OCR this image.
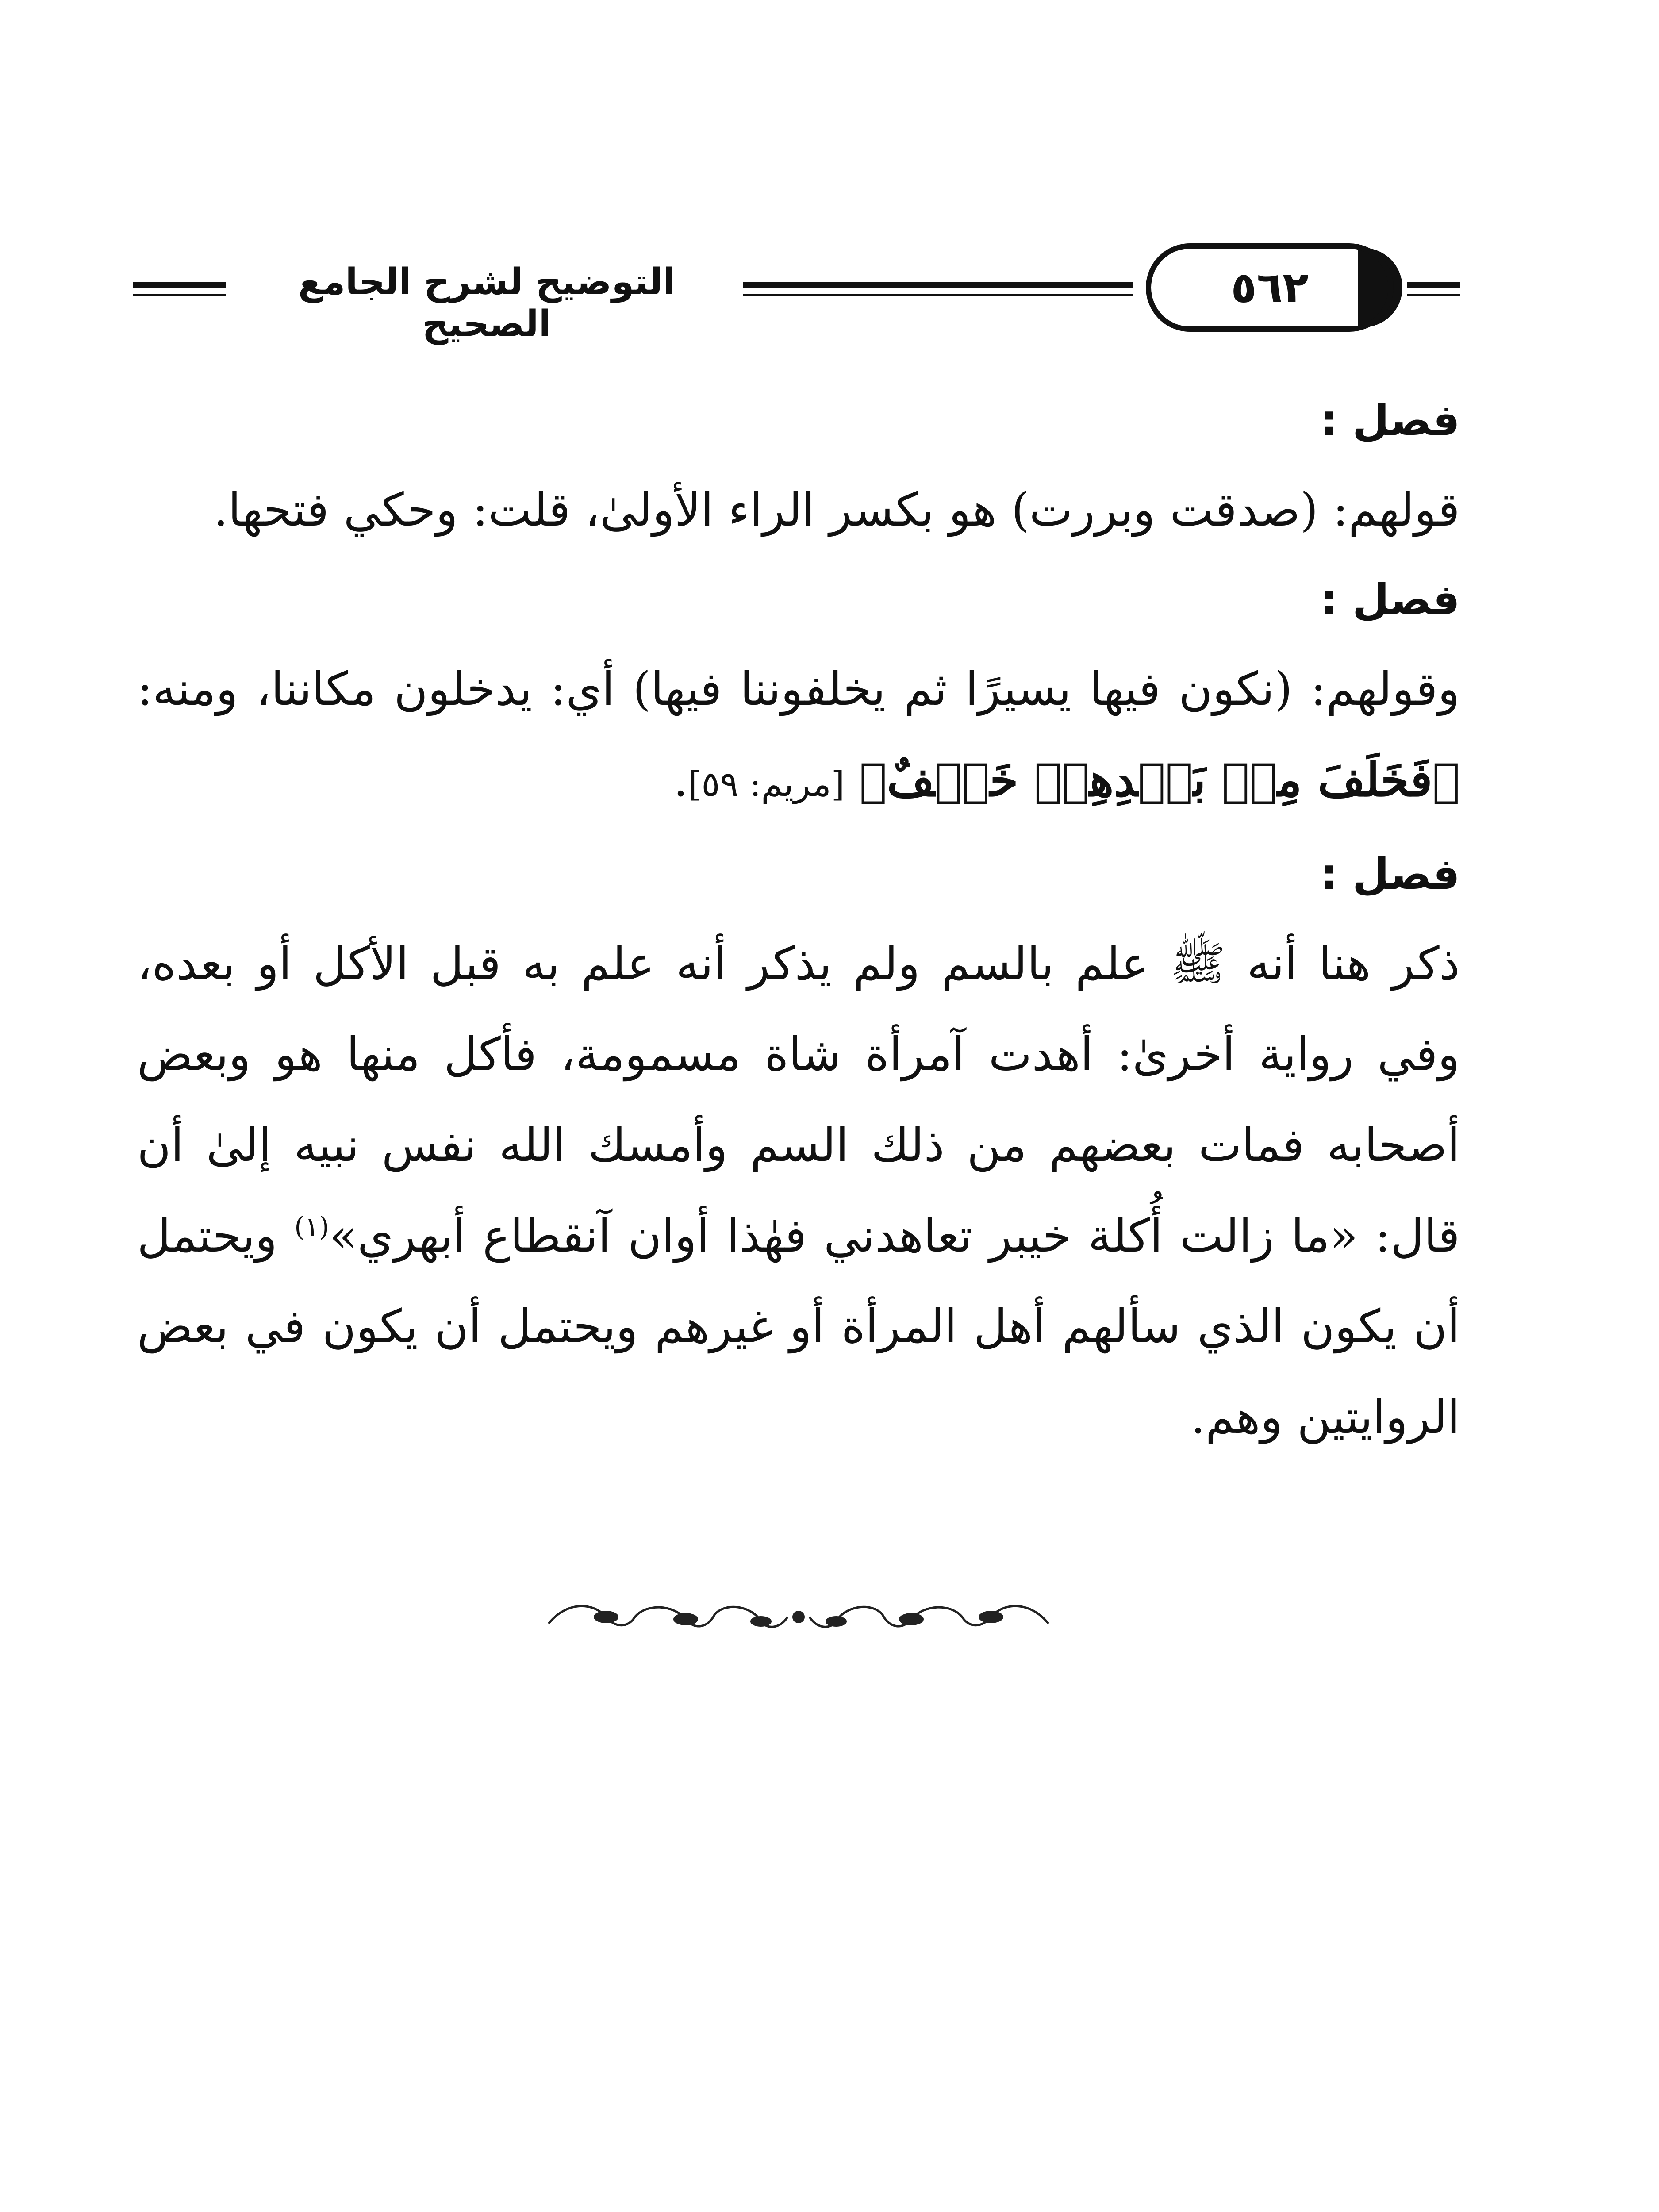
التوضيح لشرح الجامع الصحيح
٥٦٢
فصل :

قولهم: (صدقت وبررت) هو بكسر الراء الأولىٰ، قلت: وحكي فتحها.

فصل :

وقولهم: (نكون فيها يسيرًا ثم يخلفوننا فيها) أي: يدخلون مكاننا، ومنه: ﴿فَخَلَفَ مِنۢ بَعۡدِهِمۡ خَلۡفٌ﴾ [مريم: ٥٩].

فصل :

ذكر هنا أنه ﷺ علم بالسم ولم يذكر أنه علم به قبل الأكل أو بعده، وفي رواية أخرىٰ: أهدت آمرأة شاة مسمومة، فأكل منها هو وبعض أصحابه فمات بعضهم من ذلك السم وأمسك الله نفس نبيه إلىٰ أن قال: «ما زالت أُكلة خيبر تعاهدني فهٰذا أوان آنقطاع أبهري»$^{(١)}$ ويحتمل أن يكون الذي سألهم أهل المرأة أو غيرهم ويحتمل أن يكون في بعض الروايتين وهم.
